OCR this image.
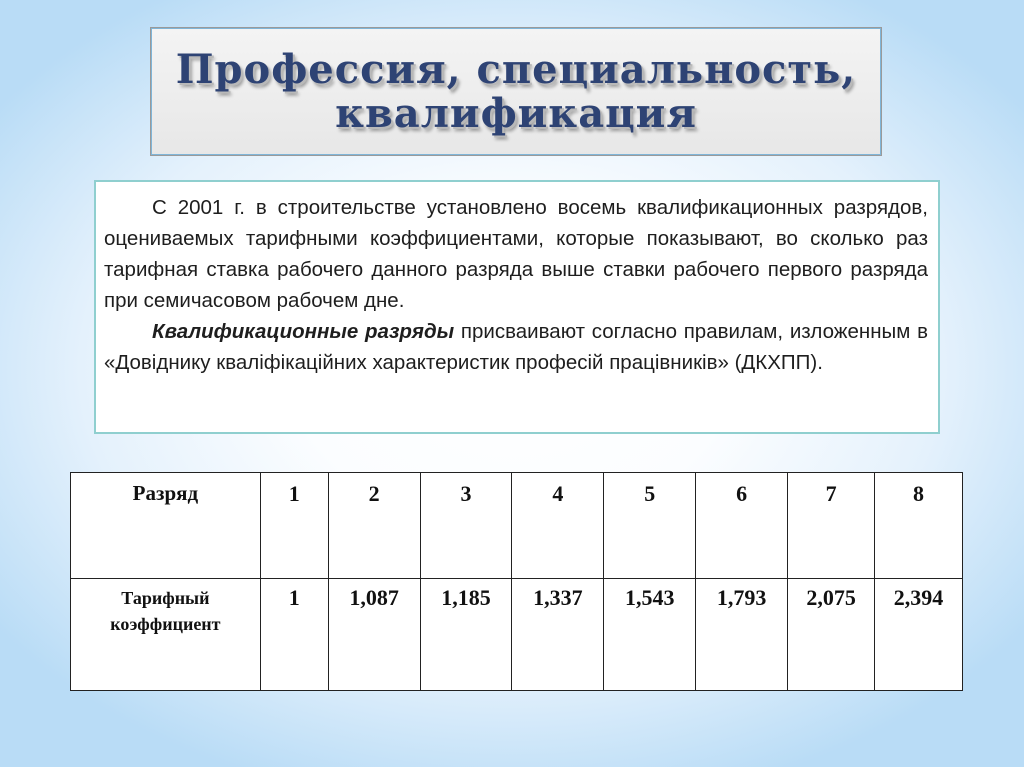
Профессия, специальность,
квалификация

С 2001 г. в строительстве установлено восемь квалификационных разрядов, оцениваемых тарифными коэффициентами, которые показывают, во сколько раз тарифная ставка рабочего данного разряда выше ставки рабочего первого разряда при семичасовом рабочем дне.

Квалификационные разряды присваивают согласно правилам, изложенным в «Довіднику кваліфікаційних характеристик професій працівників» (ДКХПП).

Разряд	1	2	3	4	5	6	7	8
Тарифный коэффициент	1	1,087	1,185	1,337	1,543	1,793	2,075	2,394
